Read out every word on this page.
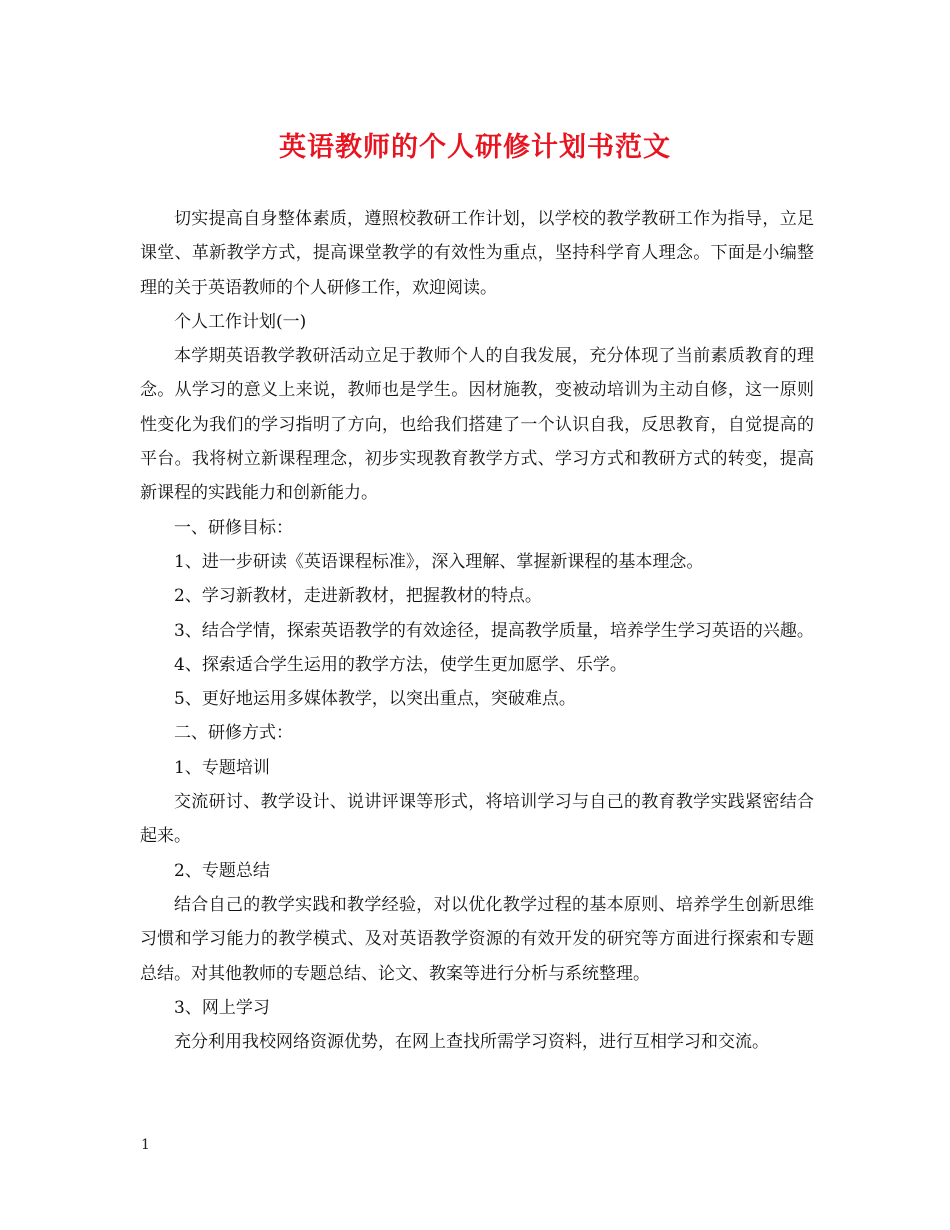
英语教师的个人研修计划书范文

切实提高自身整体素质，遵照校教研工作计划，以学校的教学教研工作为指导，立足课堂、革新教学方式，提高课堂教学的有效性为重点，坚持科学育人理念。下面是小编整理的关于英语教师的个人研修工作，欢迎阅读。

个人工作计划(一)

本学期英语教学教研活动立足于教师个人的自我发展，充分体现了当前素质教育的理念。从学习的意义上来说，教师也是学生。因材施教，变被动培训为主动自修，这一原则性变化为我们的学习指明了方向，也给我们搭建了一个认识自我，反思教育，自觉提高的平台。我将树立新课程理念，初步实现教育教学方式、学习方式和教研方式的转变，提高新课程的实践能力和创新能力。

一、研修目标：

1、进一步研读《英语课程标准》，深入理解、掌握新课程的基本理念。

2、学习新教材，走进新教材，把握教材的特点。

3、结合学情，探索英语教学的有效途径，提高教学质量，培养学生学习英语的兴趣。

4、探索适合学生运用的教学方法，使学生更加愿学、乐学。

5、更好地运用多媒体教学，以突出重点，突破难点。

二、研修方式：

1、专题培训

交流研讨、教学设计、说讲评课等形式，将培训学习与自己的教育教学实践紧密结合起来。

2、专题总结

结合自己的教学实践和教学经验，对以优化教学过程的基本原则、培养学生创新思维习惯和学习能力的教学模式、及对英语教学资源的有效开发的研究等方面进行探索和专题总结。对其他教师的专题总结、论文、教案等进行分析与系统整理。

3、网上学习

充分利用我校网络资源优势，在网上查找所需学习资料，进行互相学习和交流。

1
